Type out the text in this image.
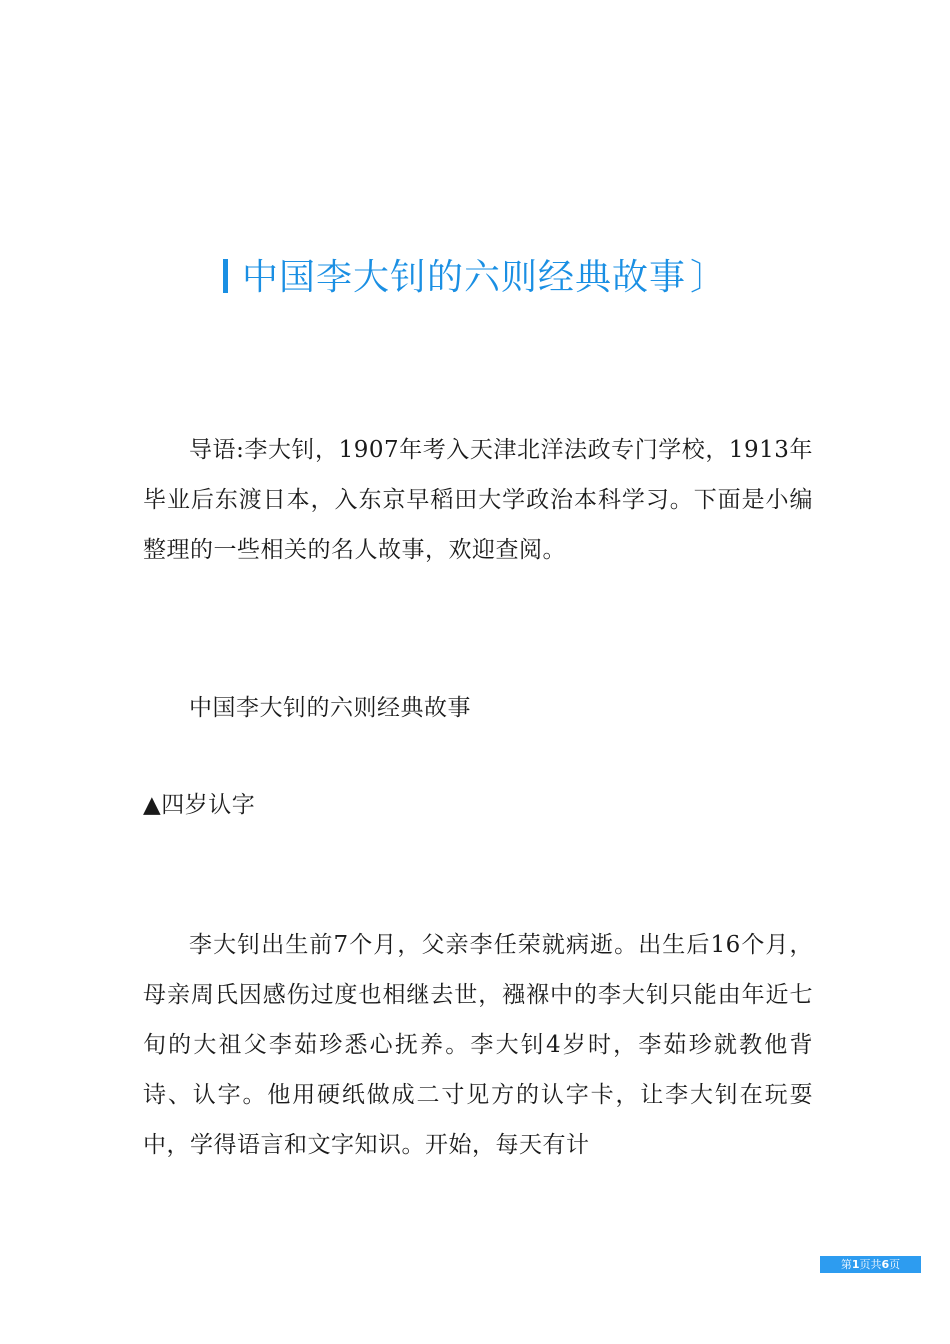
中国李大钊的六则经典故事 〕
导语:李大钊，1907年考入天津北洋法政专门学校，1913年毕业后东渡日本，入东京早稻田大学政治本科学习。下面是小编整理的一些相关的名人故事，欢迎查阅。
中国李大钊的六则经典故事
▲四岁认字
李大钊出生前7个月，父亲李任荣就病逝。出生后16个月，母亲周氏因感伤过度也相继去世，襁褓中的李大钊只能由年近七旬的大祖父李茹珍悉心抚养。李大钊4岁时，李茹珍就教他背诗、认字。他用硬纸做成二寸见方的认字卡，让李大钊在玩耍中，学得语言和文字知识。开始，每天有计
第1页共6页
